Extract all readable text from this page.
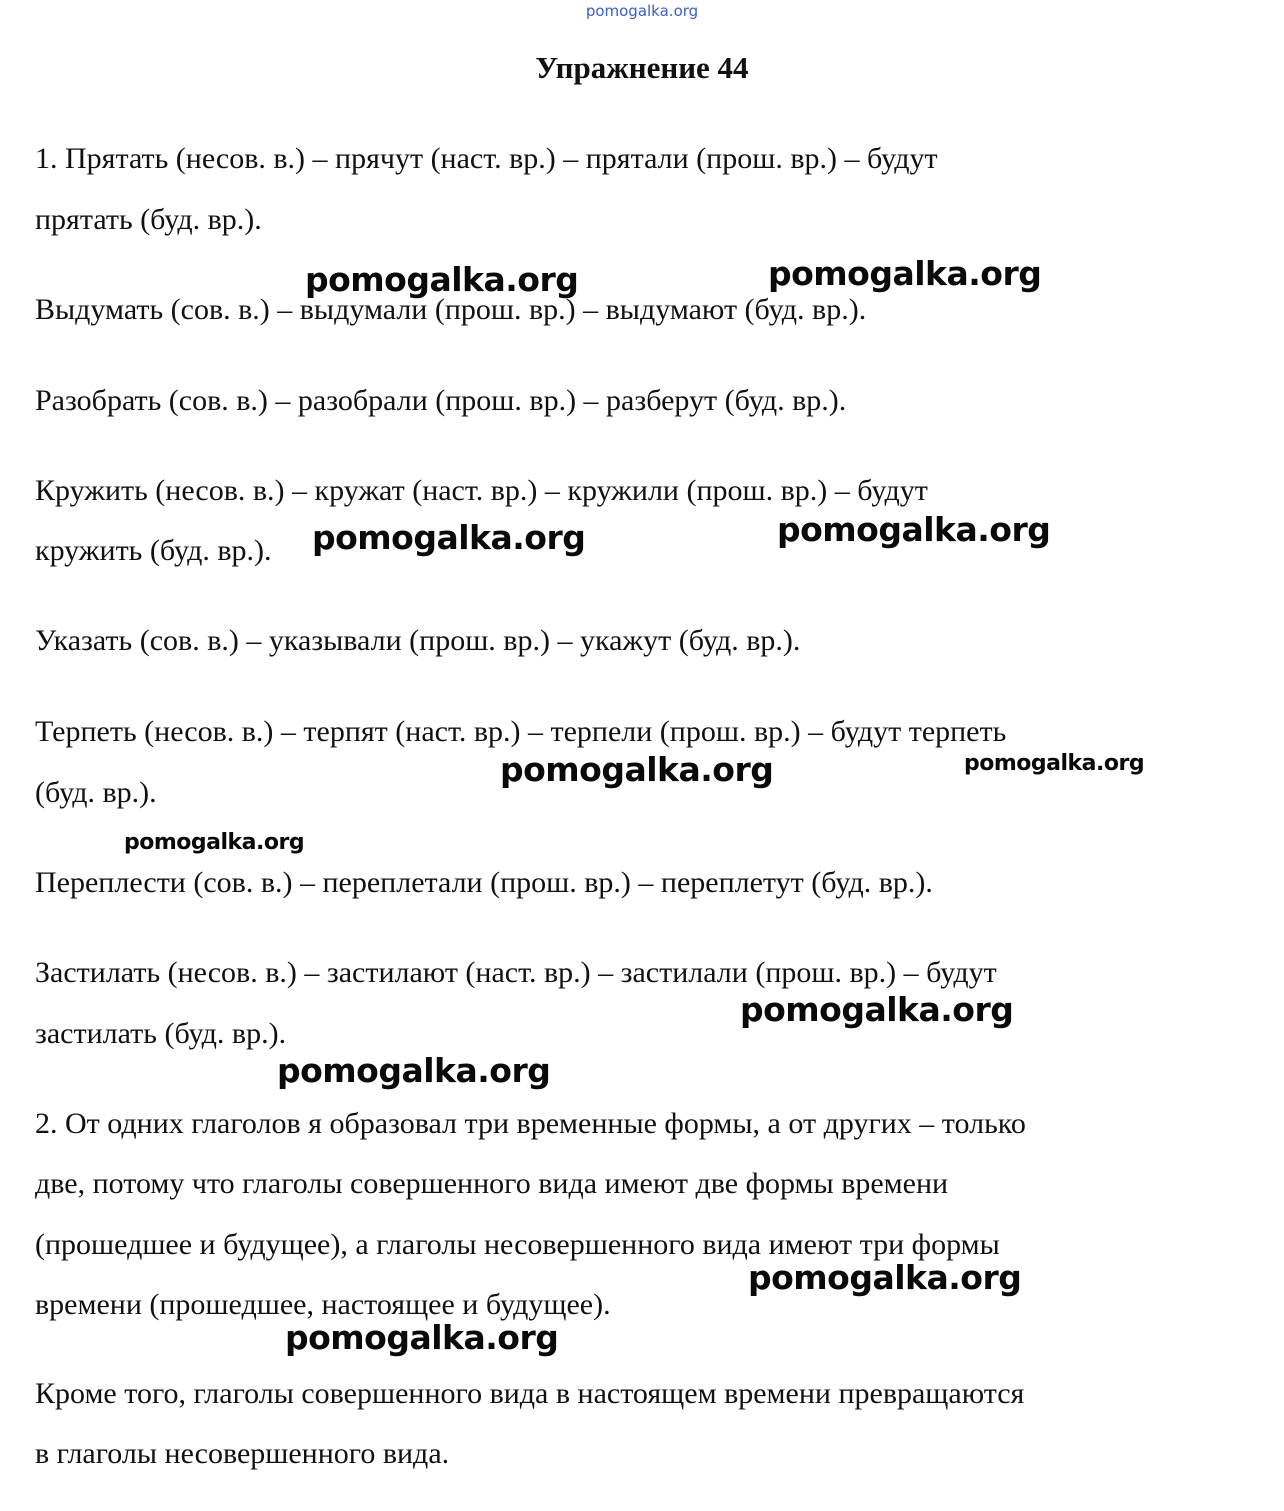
pomogalka.org
Упражнение 44
1. Прятать (несов. в.) – прячут (наст. вр.) – прятали (прош. вр.) – будут
прятать (буд. вр.).
Выдумать (сов. в.) – выдумали (прош. вр.) – выдумают (буд. вр.).
Разобрать (сов. в.) – разобрали (прош. вр.) – разберут (буд. вр.).
Кружить (несов. в.) – кружат (наст. вр.) – кружили (прош. вр.) – будут
кружить (буд. вр.).
Указать (сов. в.) – указывали (прош. вр.) – укажут (буд. вр.).
Терпеть (несов. в.) – терпят (наст. вр.) – терпели (прош. вр.) – будут терпеть
(буд. вр.).
Переплести (сов. в.) – переплетали (прош. вр.) – переплетут (буд. вр.).
Застилать (несов. в.) – застилают (наст. вр.) – застилали (прош. вр.) – будут
застилать (буд. вр.).
2. От одних глаголов я образовал три временные формы, а от других – только
две, потому что глаголы совершенного вида имеют две формы времени
(прошедшее и будущее), а глаголы несовершенного вида имеют три формы
времени (прошедшее, настоящее и будущее).
Кроме того, глаголы совершенного вида в настоящем времени превращаются
в глаголы несовершенного вида.
pomogalka.org	pomogalka.org
pomogalka.org	pomogalka.org
pomogalka.org	pomogalka.org
pomogalka.org
pomogalka.org
pomogalka.org
pomogalka.org
pomogalka.org
